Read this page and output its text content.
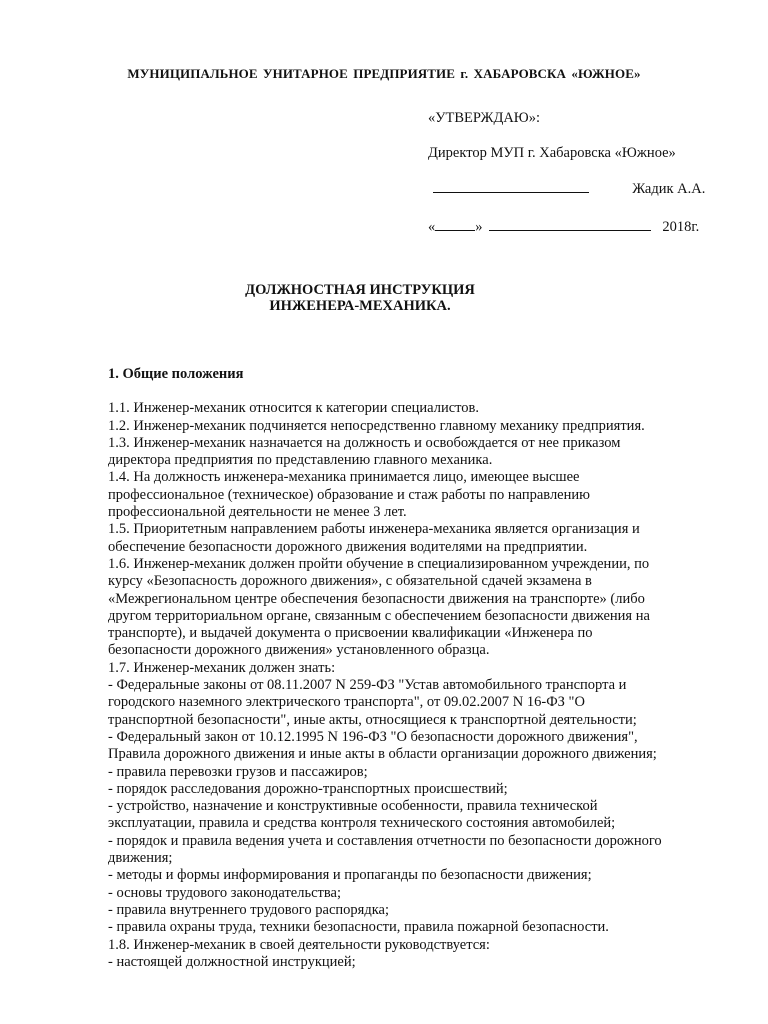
МУНИЦИПАЛЬНОЕ УНИТАРНОЕ ПРЕДПРИЯТИЕ г. ХАБАРОВСКА «ЮЖНОЕ»
«УТВЕРЖДАЮ»:
Директор МУП г. Хабаровска «Южное»
Жадик А.А.
«	»	2018г.
ДОЛЖНОСТНАЯ ИНСТРУКЦИЯ
ИНЖЕНЕРА-МЕХАНИКА.
1. Общие положения

1.1. Инженер-механик относится к категории специалистов.

1.2. Инженер-механик подчиняется непосредственно главному механику предприятия.

1.3. Инженер-механик назначается на должность и освобождается от нее приказом

директора предприятия по представлению главного механика.

1.4. На должность инженера-механика принимается лицо, имеющее высшее

профессиональное (техническое) образование и стаж работы по направлению

профессиональной деятельности не менее 3 лет.

1.5. Приоритетным направлением работы инженера-механика является организация и

обеспечение безопасности дорожного движения водителями на предприятии.

1.6. Инженер-механик должен пройти обучение в специализированном учреждении, по

курсу «Безопасность дорожного движения», с обязательной сдачей экзамена в

«Межрегиональном центре обеспечения безопасности движения на транспорте» (либо

другом территориальном органе, связанным с обеспечением безопасности движения на

транспорте), и выдачей документа о присвоении квалификации «Инженера по

безопасности дорожного движения» установленного образца.

1.7. Инженер-механик должен знать:

- Федеральные законы от 08.11.2007 N 259-ФЗ "Устав автомобильного транспорта и

городского наземного электрического транспорта", от 09.02.2007 N 16-ФЗ "О

транспортной безопасности", иные акты, относящиеся к транспортной деятельности;

- Федеральный закон от 10.12.1995 N 196-ФЗ "О безопасности дорожного движения",

Правила дорожного движения и иные акты в области организации дорожного движения;

- правила перевозки грузов и пассажиров;

- порядок расследования дорожно-транспортных происшествий;

- устройство, назначение и конструктивные особенности, правила технической

эксплуатации, правила и средства контроля технического состояния автомобилей;

- порядок и правила ведения учета и составления отчетности по безопасности дорожного

движения;

- методы и формы информирования и пропаганды по безопасности движения;

- основы трудового законодательства;

- правила внутреннего трудового распорядка;

- правила охраны труда, техники безопасности, правила пожарной безопасности.

1.8. Инженер-механик в своей деятельности руководствуется:

- настоящей должностной инструкцией;
